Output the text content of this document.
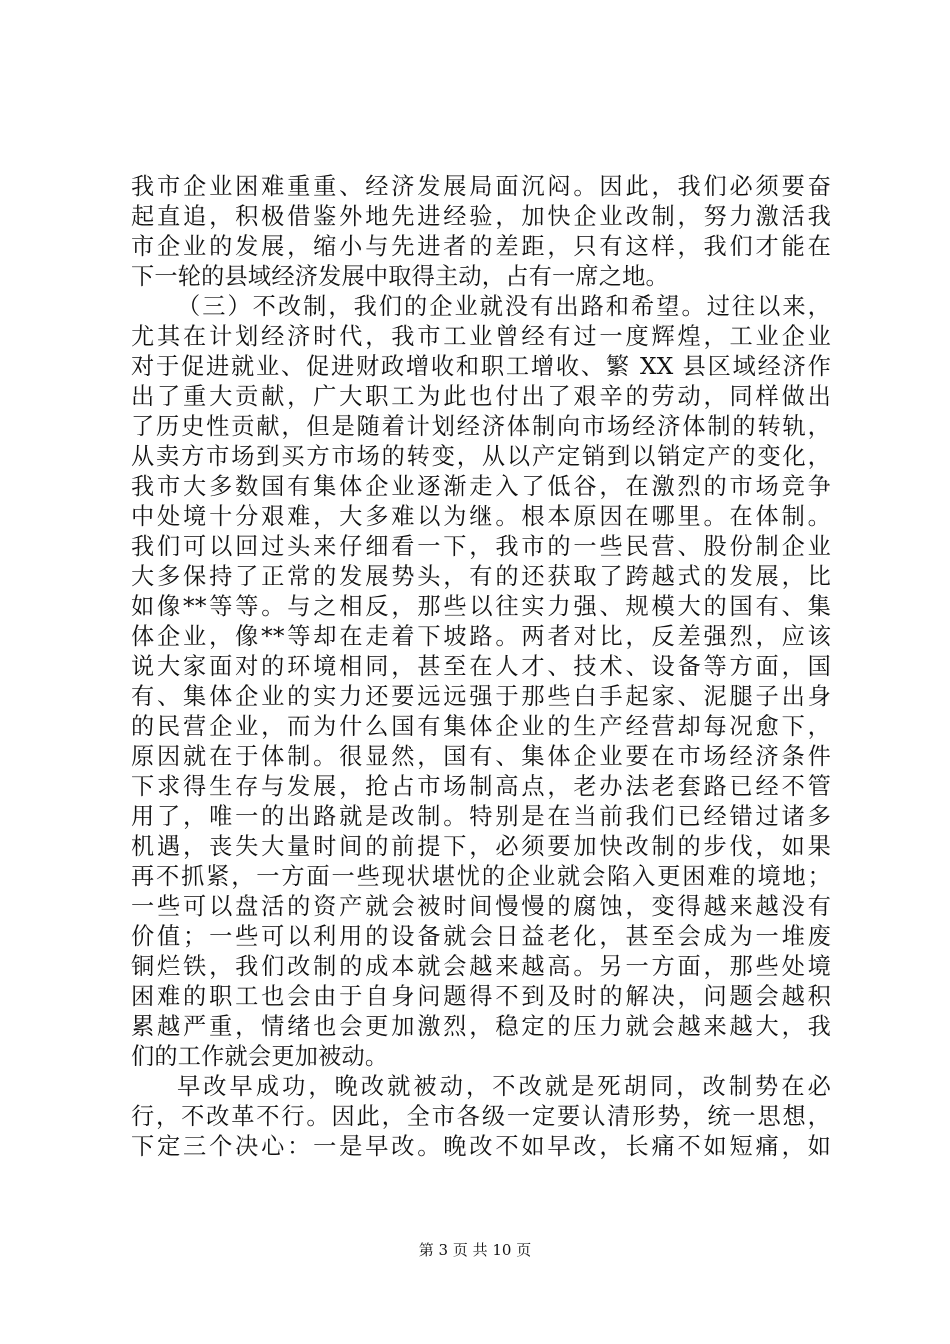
我市企业困难重重、经济发展局面沉闷。因此，我们必须要奋
起直追，积极借鉴外地先进经验，加快企业改制，努力激活我
市企业的发展，缩小与先进者的差距，只有这样，我们才能在
下一轮的县域经济发展中取得主动，占有一席之地。
（三）不改制，我们的企业就没有出路和希望。过往以来，
尤其在计划经济时代，我市工业曾经有过一度辉煌，工业企业
对于促进就业、促进财政增收和职工增收、繁 XX 县区域经济作
出了重大贡献，广大职工为此也付出了艰辛的劳动，同样做出
了历史性贡献，但是随着计划经济体制向市场经济体制的转轨，
从卖方市场到买方市场的转变，从以产定销到以销定产的变化，
我市大多数国有集体企业逐渐走入了低谷，在激烈的市场竞争
中处境十分艰难，大多难以为继。根本原因在哪里。在体制。
我们可以回过头来仔细看一下，我市的一些民营、股份制企业
大多保持了正常的发展势头，有的还获取了跨越式的发展，比
如像**等等。与之相反，那些以往实力强、规模大的国有、集
体企业，像**等却在走着下坡路。两者对比，反差强烈，应该
说大家面对的环境相同，甚至在人才、技术、设备等方面，国
有、集体企业的实力还要远远强于那些白手起家、泥腿子出身
的民营企业，而为什么国有集体企业的生产经营却每况愈下，
原因就在于体制。很显然，国有、集体企业要在市场经济条件
下求得生存与发展，抢占市场制高点，老办法老套路已经不管
用了，唯一的出路就是改制。特别是在当前我们已经错过诸多
机遇，丧失大量时间的前提下，必须要加快改制的步伐，如果
再不抓紧，一方面一些现状堪忧的企业就会陷入更困难的境地；
一些可以盘活的资产就会被时间慢慢的腐蚀，变得越来越没有
价值；一些可以利用的设备就会日益老化，甚至会成为一堆废
铜烂铁，我们改制的成本就会越来越高。另一方面，那些处境
困难的职工也会由于自身问题得不到及时的解决，问题会越积
累越严重，情绪也会更加激烈，稳定的压力就会越来越大，我
们的工作就会更加被动。
早改早成功，晚改就被动，不改就是死胡同，改制势在必
行，不改革不行。因此，全市各级一定要认清形势，统一思想，
下定三个决心：一是早改。晚改不如早改，长痛不如短痛，如
第 3 页 共 10 页
